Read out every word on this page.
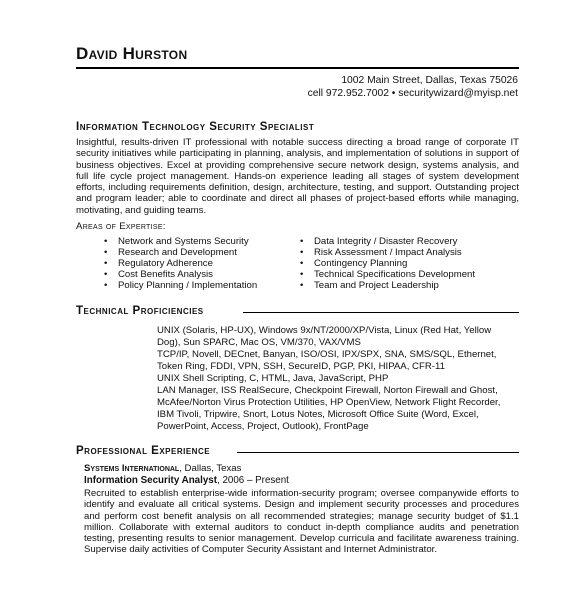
David Hurston
1002 Main Street, Dallas, Texas 75026
cell 972.952.7002 • securitywizard@myisp.net
Information Technology Security Specialist
Insightful, results-driven IT professional with notable success directing a broad range of corporate IT security initiatives while participating in planning, analysis, and implementation of solutions in support of business objectives. Excel at providing comprehensive secure network design, systems analysis, and full life cycle project management. Hands-on experience leading all stages of system development efforts, including requirements definition, design, architecture, testing, and support. Outstanding project and program leader; able to coordinate and direct all phases of project-based efforts while managing, motivating, and guiding teams.
Areas of Expertise:
• Network and Systems Security
• Research and Development
• Regulatory Adherence
• Cost Benefits Analysis
• Policy Planning / Implementation
• Data Integrity / Disaster Recovery
• Risk Assessment / Impact Analysis
• Contingency Planning
• Technical Specifications Development
• Team and Project Leadership
Technical Proficiencies
UNIX (Solaris, HP-UX), Windows 9x/NT/2000/XP/Vista, Linux (Red Hat, Yellow Dog), Sun SPARC, Mac OS, VM/370, VAX/VMS
TCP/IP, Novell, DECnet, Banyan, ISO/OSI, IPX/SPX, SNA, SMS/SQL, Ethernet, Token Ring, FDDI, VPN, SSH, SecureID, PGP, PKI, HIPAA, CFR-11
UNIX Shell Scripting, C, HTML, Java, JavaScript, PHP
LAN Manager, ISS RealSecure, Checkpoint Firewall, Norton Firewall and Ghost, McAfee/Norton Virus Protection Utilities, HP OpenView, Network Flight Recorder, IBM Tivoli, Tripwire, Snort, Lotus Notes, Microsoft Office Suite (Word, Excel, PowerPoint, Access, Project, Outlook), FrontPage
Professional Experience
Systems International, Dallas, Texas
Information Security Analyst, 2006 – Present
Recruited to establish enterprise-wide information-security program; oversee companywide efforts to identify and evaluate all critical systems. Design and implement security processes and procedures and perform cost benefit analysis on all recommended strategies; manage security budget of $1.1 million. Collaborate with external auditors to conduct in-depth compliance audits and penetration testing, presenting results to senior management. Develop curricula and facilitate awareness training. Supervise daily activities of Computer Security Assistant and Internet Administrator.
